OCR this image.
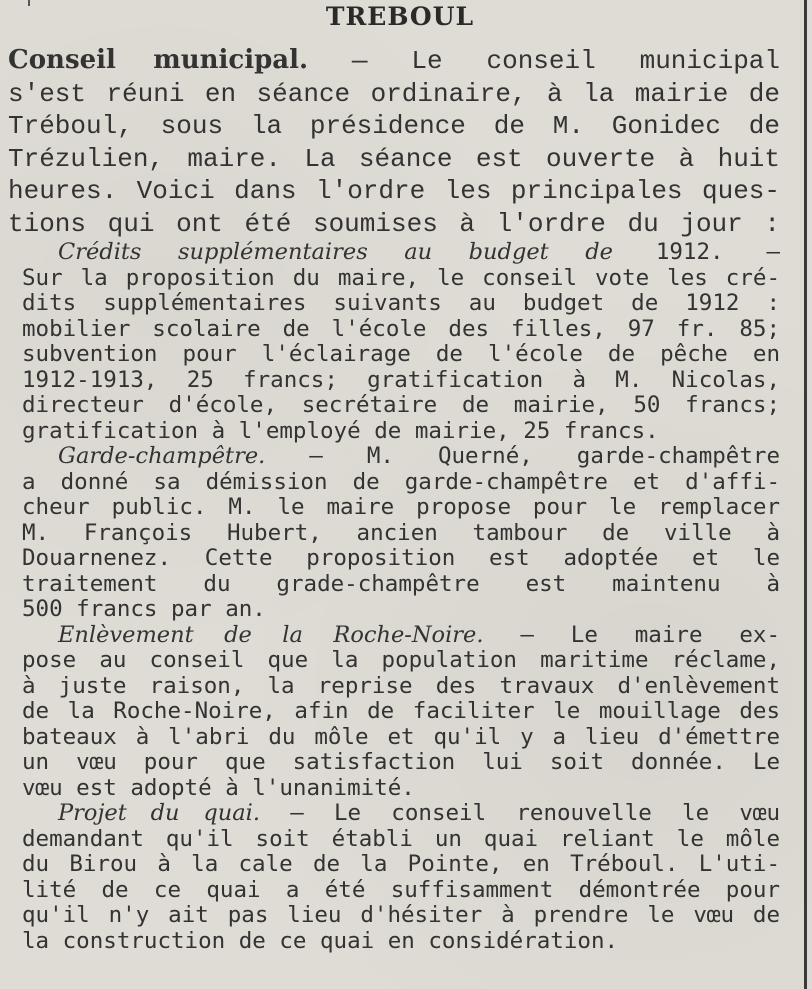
TREBOUL

Conseil municipal. — Le conseil municipal
s'est réuni en séance ordinaire, à la mairie de
Tréboul, sous la présidence de M. Gonidec de
Trézulien, maire. La séance est ouverte à huit
heures. Voici dans l'ordre les principales ques-
tions qui ont été soumises à l'ordre du jour :

Crédits supplémentaires au budget de 1912. —
Sur la proposition du maire, le conseil vote les cré-
dits supplémentaires suivants au budget de 1912 :
mobilier scolaire de l'école des filles, 97 fr. 85;
subvention pour l'éclairage de l'école de pêche en
1912-1913, 25 francs; gratification à M. Nicolas,
directeur d'école, secrétaire de mairie, 50 francs;
gratification à l'employé de mairie, 25 francs.
Garde-champêtre. — M. Querné, garde-champêtre
a donné sa démission de garde-champêtre et d'affi-
cheur public. M. le maire propose pour le remplacer
M. François Hubert, ancien tambour de ville à
Douarnenez. Cette proposition est adoptée et le
traitement du grade-champêtre est maintenu à
500 francs par an.
Enlèvement de la Roche-Noire. — Le maire ex-
pose au conseil que la population maritime réclame,
à juste raison, la reprise des travaux d'enlèvement
de la Roche-Noire, afin de faciliter le mouillage des
bateaux à l'abri du môle et qu'il y a lieu d'émettre
un vœu pour que satisfaction lui soit donnée. Le
vœu est adopté à l'unanimité.
Projet du quai. — Le conseil renouvelle le vœu
demandant qu'il soit établi un quai reliant le môle
du Birou à la cale de la Pointe, en Tréboul. L'uti-
lité de ce quai a été suffisamment démontrée pour
qu'il n'y ait pas lieu d'hésiter à prendre le vœu de
la construction de ce quai en considération.
